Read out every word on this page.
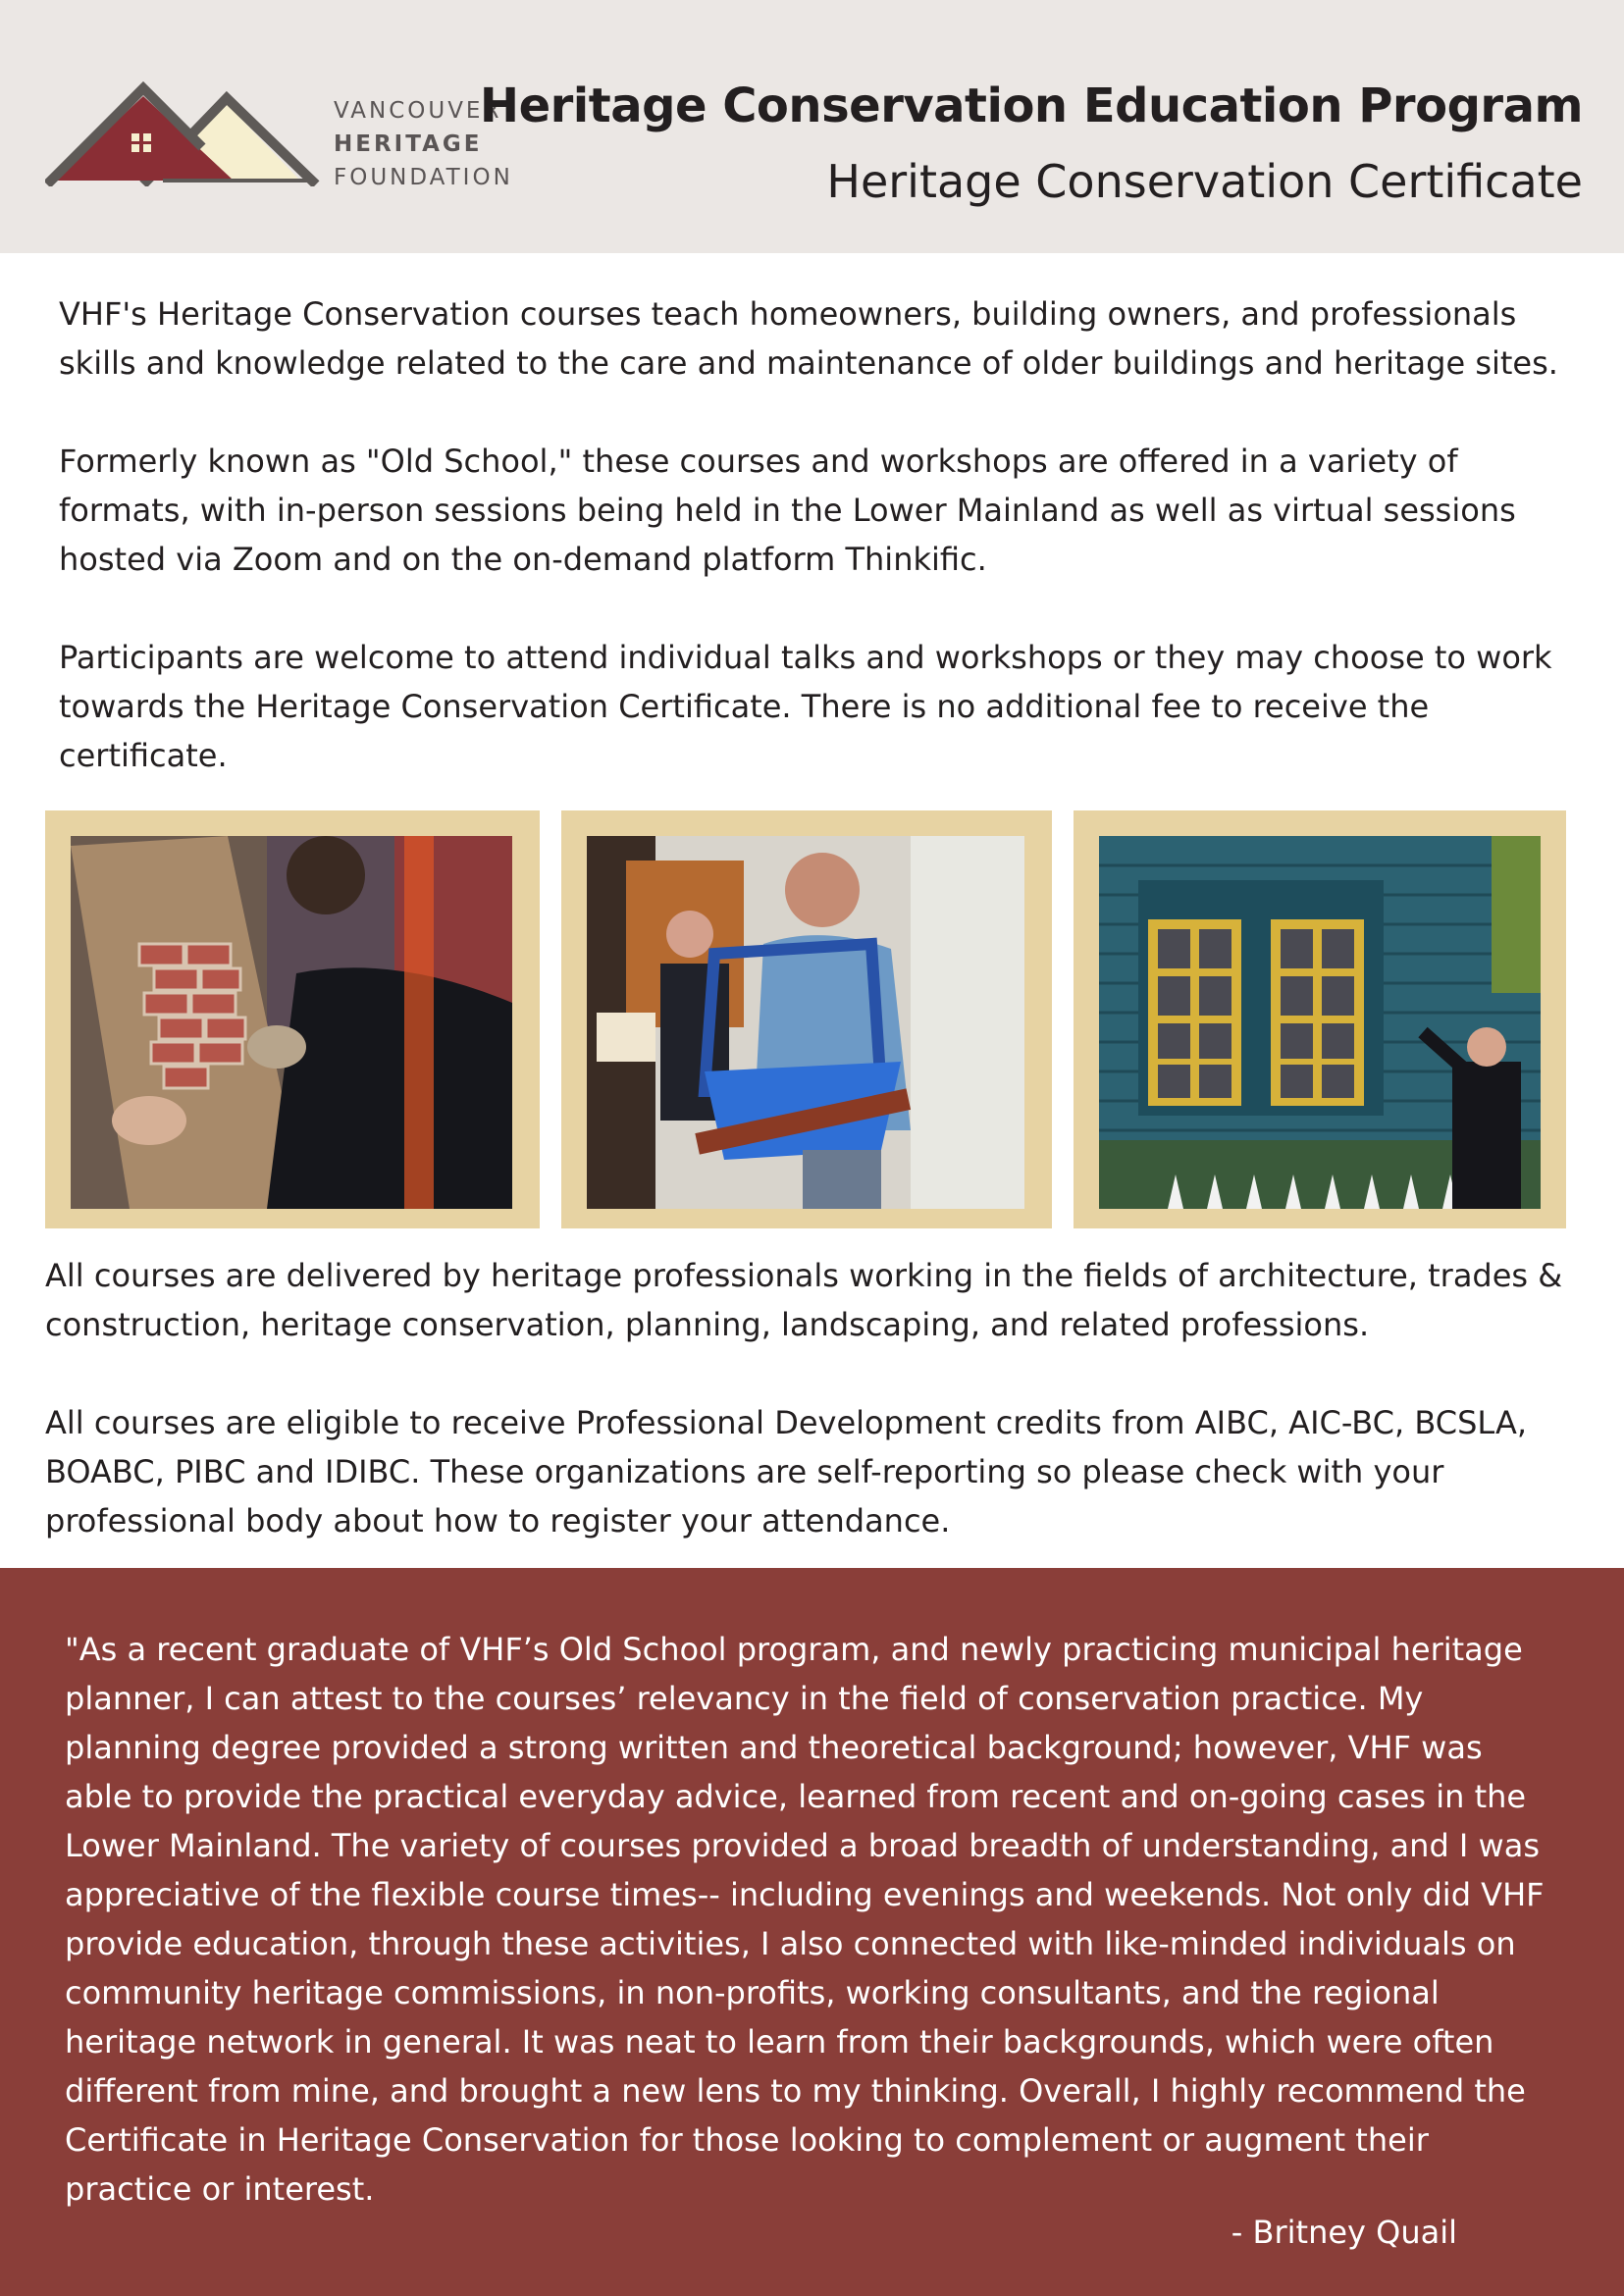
VANCOUVER
HERITAGE
FOUNDATION
Heritage Conservation Education Program
Heritage Conservation Certificate

VHF's Heritage Conservation courses teach homeowners, building owners, and professionals skills and knowledge related to the care and maintenance of older buildings and heritage sites.

Formerly known as "Old School," these courses and workshops are offered in a variety of formats, with in-person sessions being held in the Lower Mainland as well as virtual sessions hosted via Zoom and on the on-demand platform Thinkific.

Participants are welcome to attend individual talks and workshops or they may choose to work towards the Heritage Conservation Certificate. There is no additional fee to receive the certificate.

All courses are delivered by heritage professionals working in the fields of architecture, trades & construction, heritage conservation, planning, landscaping, and related professions.

All courses are eligible to receive Professional Development credits from AIBC, AIC-BC, BCSLA, BOABC, PIBC and IDIBC. These organizations are self-reporting so please check with your professional body about how to register your attendance.

"As a recent graduate of VHF’s Old School program, and newly practicing municipal heritage planner, I can attest to the courses’ relevancy in the field of conservation practice. My planning degree provided a strong written and theoretical background; however, VHF was able to provide the practical everyday advice, learned from recent and on-going cases in the Lower Mainland. The variety of courses provided a broad breadth of understanding, and I was appreciative of the flexible course times-- including evenings and weekends. Not only did VHF provide education, through these activities, I also connected with like-minded individuals on community heritage commissions, in non-profits, working consultants, and the regional heritage network in general. It was neat to learn from their backgrounds, which were often different from mine, and brought a new lens to my thinking. Overall, I highly recommend the Certificate in Heritage Conservation for those looking to complement or augment their practice or interest.
- Britney Quail
